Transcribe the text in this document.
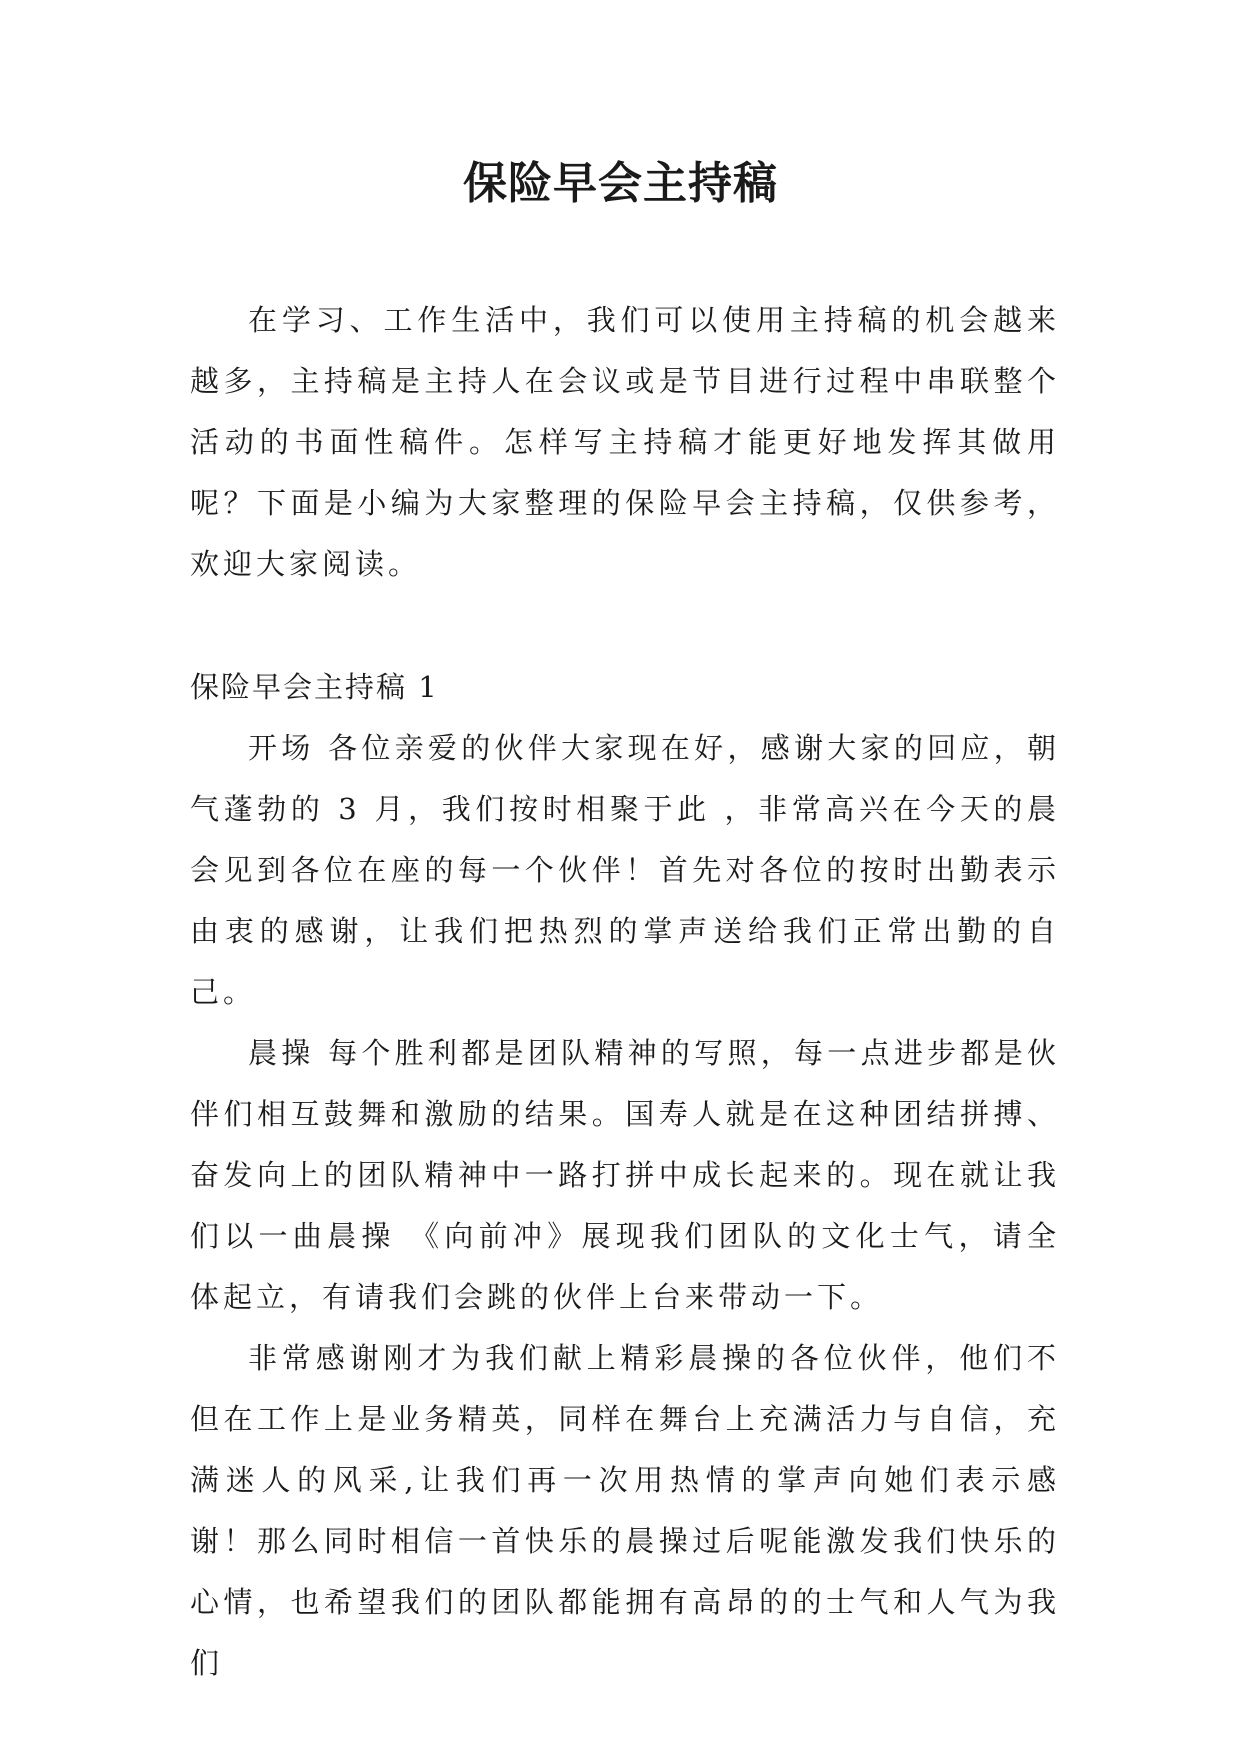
保险早会主持稿

在学习、工作生活中，我们可以使用主持稿的机会越来越多，主持稿是主持人在会议或是节目进行过程中串联整个活动的书面性稿件。怎样写主持稿才能更好地发挥其做用呢？下面是小编为大家整理的保险早会主持稿，仅供参考，欢迎大家阅读。

保险早会主持稿 1

开场 各位亲爱的伙伴大家现在好，感谢大家的回应，朝气蓬勃的 3 月，我们按时相聚于此 ，非常高兴在今天的晨会见到各位在座的每一个伙伴！首先对各位的按时出勤表示由衷的感谢，让我们把热烈的掌声送给我们正常出勤的自己。

晨操 每个胜利都是团队精神的写照，每一点进步都是伙伴们相互鼓舞和激励的结果。国寿人就是在这种团结拼搏、奋发向上的团队精神中一路打拼中成长起来的。现在就让我们以一曲晨操 《向前冲》展现我们团队的文化士气，请全体起立，有请我们会跳的伙伴上台来带动一下。

非常感谢刚才为我们献上精彩晨操的各位伙伴，他们不但在工作上是业务精英，同样在舞台上充满活力与自信，充满迷人的风采,让我们再一次用热情的掌声向她们表示感谢！那么同时相信一首快乐的晨操过后呢能激发我们快乐的心情，也希望我们的团队都能拥有高昂的的士气和人气为我们
